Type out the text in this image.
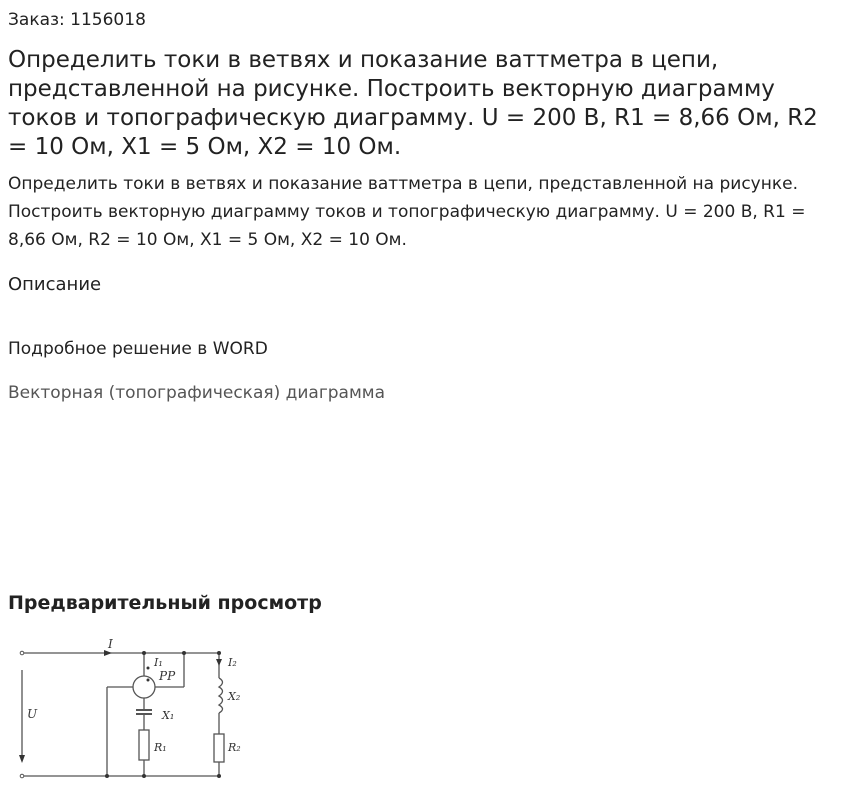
Заказ: 1156018
Определить токи в ветвях и показание ваттметра в цепи, представленной на рисунке. Построить векторную диаграмму токов и топографическую диаграмму. U = 200 В, R1 = 8,66 Ом, R2 = 10 Ом, X1 = 5 Ом, X2 = 10 Ом.
Определить токи в ветвях и показание ваттметра в цепи, представленной на рисунке. Построить векторную диаграмму токов и топографическую диаграмму. U = 200 В, R1 = 8,66 Ом, R2 = 10 Ом, X1 = 5 Ом, X2 = 10 Ом.
Описание
Подробное решение в WORD
Векторная (топографическая) диаграмма
Предварительный просмотр
I
I₁	I₂
PP
U	X₁
R₁
X₂
R₂
